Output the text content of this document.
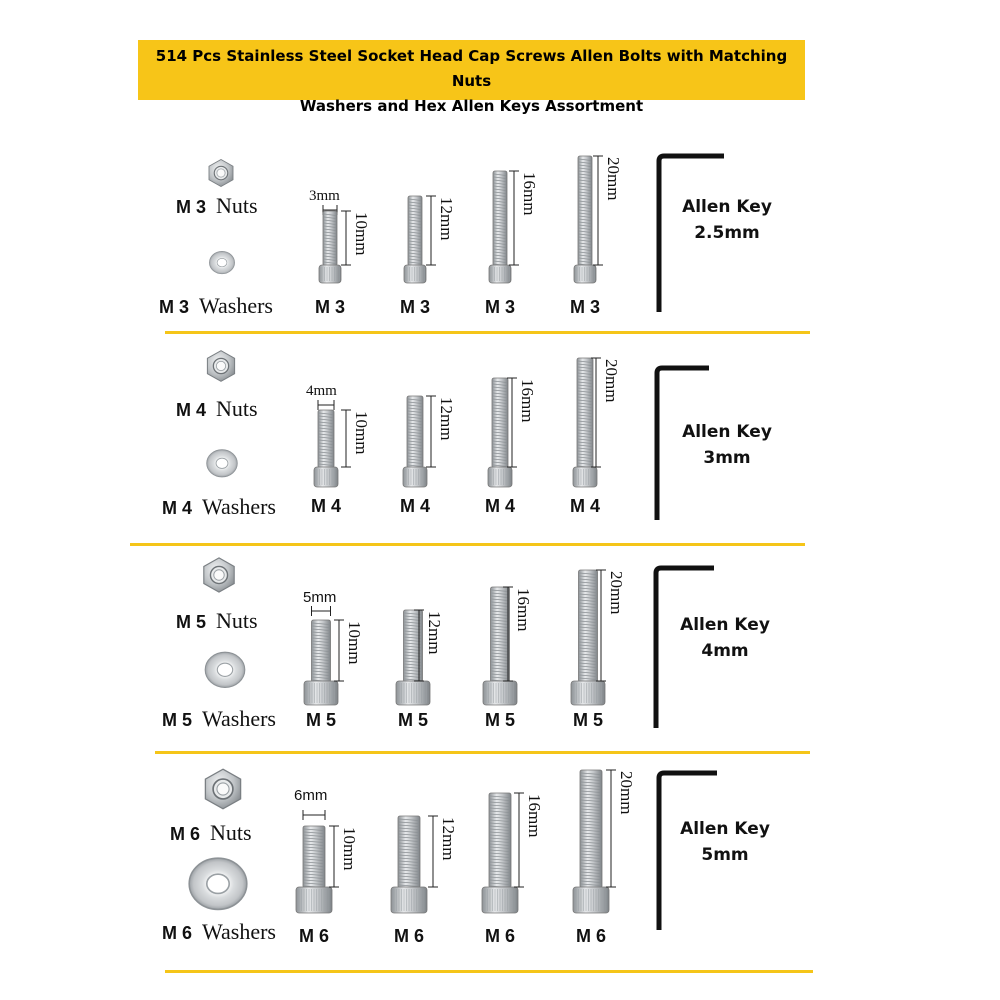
514 Pcs Stainless Steel Socket Head Cap Screws Allen Bolts with Matching Nuts
Washers and Hex Allen Keys Assortment
M 3 Nuts
M 3 Washers
3mm
10mm
M 3
12mm
M 3
16mm
M 3
20mm
M 3
Allen Key
2.5mm
M 4 Nuts
M 4 Washers
4mm
10mm
M 4
12mm
M 4
16mm
M 4
20mm
M 4
Allen Key
3mm
M 5 Nuts
M 5 Washers
5mm
10mm
M 5
12mm
M 5
16mm
M 5
20mm
M 5
Allen Key
4mm
M 6 Nuts
M 6 Washers
6mm
10mm
M 6
12mm
M 6
16mm
M 6
20mm
M 6
Allen Key
5mm
